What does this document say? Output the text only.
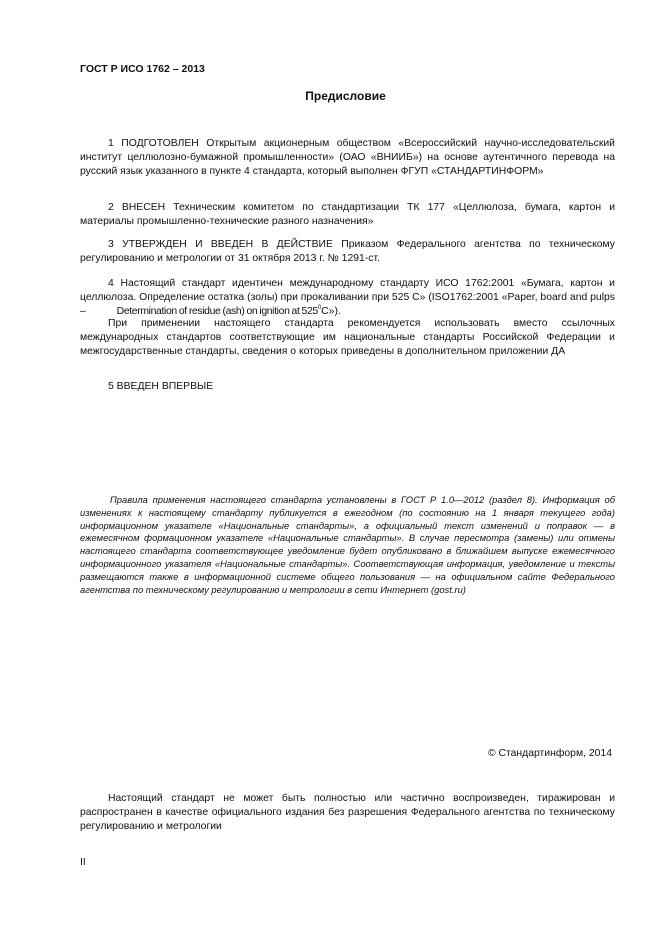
ГОСТ Р ИСО 1762 – 2013
Предисловие
1 ПОДГОТОВЛЕН Открытым акционерным обществом «Всероссийский научно-исследовательский институт целлюлозно-бумажной промышленности» (ОАО «ВНИИБ») на основе аутентичного перевода на русский язык указанного в пункте 4 стандарта, который выполнен ФГУП «СТАНДАРТИНФОРМ»
2 ВНЕСЕН Техническим комитетом по стандартизации ТК 177 «Целлюлоза, бумага, картон и материалы промышленно-технические разного назначения»
3 УТВЕРЖДЕН И ВВЕДЕН В ДЕЙСТВИЕ Приказом Федерального агентства по техническому регулированию и метрологии от 31 октября 2013 г. № 1291-ст.
4 Настоящий стандарт идентичен международному стандарту ИСО 1762:2001 «Бумага, картон и целлюлоза. Определение остатка (золы) при прокаливании при 525 С» (ISO1762:2001 «Paper, board and pulps –	Determination of residue (ash) on ignition at $525^0С$»).
При применении настоящего стандарта рекомендуется использовать вместо ссылочных международных стандартов соответствующие им национальные стандарты Российской Федерации и межгосударственные стандарты, сведения о которых приведены в дополнительном приложении ДА
5 ВВЕДЕН ВПЕРВЫЕ
Правила применения настоящего стандарта установлены в ГОСТ Р 1.0—2012 (раздел 8). Информация об изменениях к настоящему стандарту публикуется в ежегодном (по состоянию на 1 января текущего года) информационном указателе «Национальные стандарты», а официальный текст изменений и поправок — в ежемесячном формационном указателе «Национальные стандарты». В случае пересмотра (замены) или отмены настоящего стандарта соответствующее уведомление будет опубликовано в ближайшем выпуске ежемесячного информационного указателя «Национальные стандарты». Соответствующая информация, уведомление и тексты размещаются также в информационной системе общего пользования — на официальном сайте Федерального агентства по техническому регулированию и метрологии в сети Интернет (gost.ru)
© Стандартинформ, 2014
Настоящий стандарт не может быть полностью или частично воспроизведен, тиражирован и распространен в качестве официального издания без разрешения Федерального агентства по техническому регулированию и метрологии
II
